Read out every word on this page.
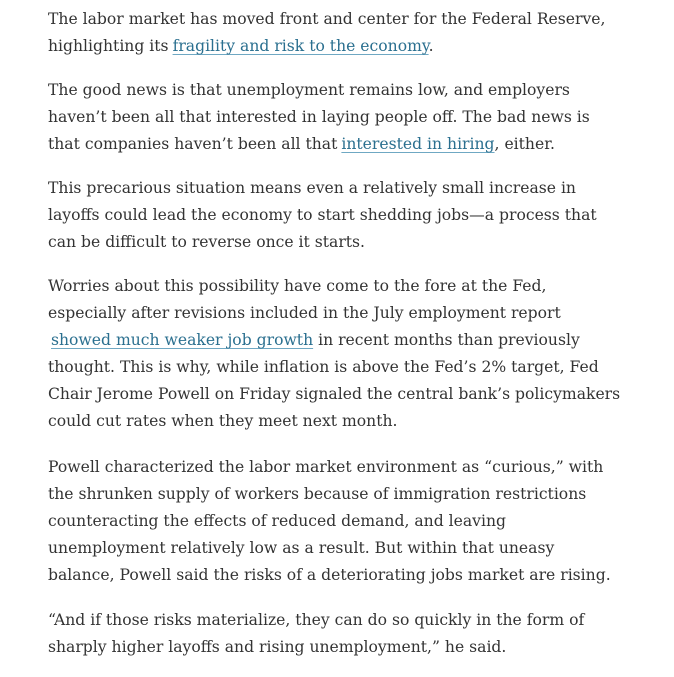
The labor market has moved front and center for the Federal Reserve,
highlighting its fragility and risk to the economy.

The good news is that unemployment remains low, and employers
haven’t been all that interested in laying people off. The bad news is
that companies haven’t been all that interested in hiring, either.

This precarious situation means even a relatively small increase in
layoffs could lead the economy to start shedding jobs—a process that
can be difficult to reverse once it starts.

Worries about this possibility have come to the fore at the Fed,
especially after revisions included in the July employment report
showed much weaker job growth in recent months than previously
thought. This is why, while inflation is above the Fed’s 2% target, Fed
Chair Jerome Powell on Friday signaled the central bank’s policymakers
could cut rates when they meet next month.

Powell characterized the labor market environment as “curious,” with
the shrunken supply of workers because of immigration restrictions
counteracting the effects of reduced demand, and leaving
unemployment relatively low as a result. But within that uneasy
balance, Powell said the risks of a deteriorating jobs market are rising.

“And if those risks materialize, they can do so quickly in the form of
sharply higher layoffs and rising unemployment,” he said.
